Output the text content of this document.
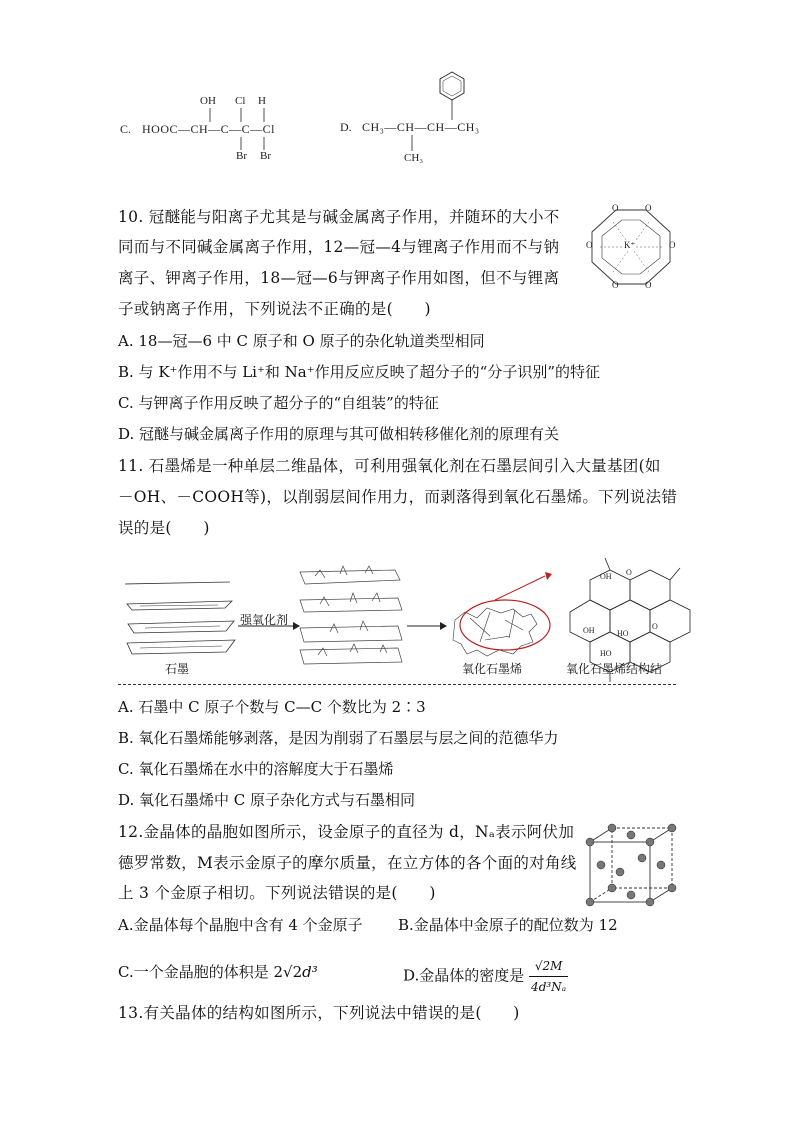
C. HOOC—CH—C—C—Cl
OH Cl H
Br Br
D. CH₃—CH—CH—CH₃
CH₃
10. 冠醚能与阳离子尤其是与碱金属离子作用，并随环的大小不
同而与不同碱金属离子作用，12—冠—4与锂离子作用而不与钠
离子、钾离子作用，18—冠—6与钾离子作用如图，但不与锂离
子或钠离子作用，下列说法不正确的是(　　)
A. 18—冠—6 中 C 原子和 O 原子的杂化轨道类型相同
B. 与 K⁺作用不与 Li⁺和 Na⁺作用反应反映了超分子的“分子识别”的特征
C. 与钾离子作用反映了超分子的“自组装”的特征
D. 冠醚与碱金属离子作用的原理与其可做相转移催化剂的原理有关
O	O
O	O
O	O
K⁺
11. 石墨烯是一种单层二维晶体，可利用强氧化剂在石墨层间引入大量基团(如
－OH、－COOH等)，以削弱层间作用力，而剥落得到氧化石墨烯。下列说法错
误的是(　　)
石墨
强氧化剂
氧化石墨烯	氧化石墨烯结构结
OH O
OH	HO
O
HO
A. 石墨中 C 原子个数与 C—C 个数比为 2∶3
B. 氧化石墨烯能够剥落，是因为削弱了石墨层与层之间的范德华力
C. 氧化石墨烯在水中的溶解度大于石墨烯
D. 氧化石墨烯中 C 原子杂化方式与石墨相同
12.金晶体的晶胞如图所示，设金原子的直径为 d，Nₐ表示阿伏加
德罗常数，M表示金原子的摩尔质量，在立方体的各个面的对角线
上 3 个金原子相切。下列说法错误的是(　　)
A.金晶体每个晶胞中含有 4 个金原子 B.金晶体中金原子的配位数为 12
C.一个金晶胞的体积是 2√2d³	D.金晶体的密度是 $\frac{√2M}{\text{4d³Nₐ}}$
13.有关晶体的结构如图所示，下列说法中错误的是(　　)
